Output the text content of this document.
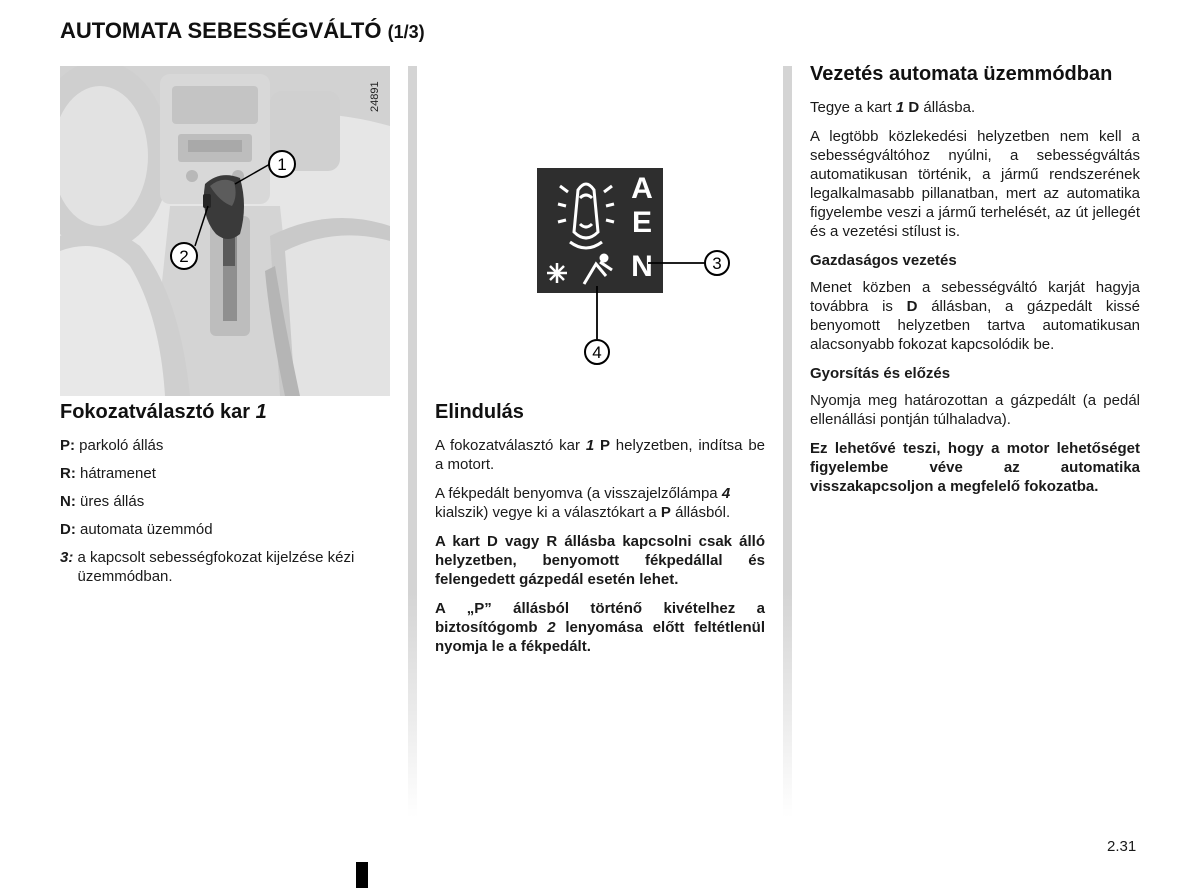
AUTOMATA SEBESSÉGVÁLTÓ (1/3)
1
2
24891
A
E
N	3
4
Fokozatválasztó kar 1
P:
parkoló állás
R:
hátramenet
N:
üres állás
D:
automata üzemmód
3:
a kapcsolt sebességfokozat kijelzése kézi üzemmódban.
Elindulás

A fokozatválasztó kar 1 P helyzetben, indítsa be a motort.

A fékpedált benyomva (a visszajelzőlámpa 4 kialszik) vegye ki a választókart a P állásból.

A kart D vagy R állásba kapcsolni csak álló helyzetben, benyomott fékpedállal és felengedett gázpedál esetén lehet.

A „P” állásból történő kivételhez a biztosítógomb 2 lenyomása előtt feltétlenül nyomja le a fékpedált.

Vezetés automata üzemmódban

Tegye a kart 1 D állásba.

A legtöbb közlekedési helyzetben nem kell a sebességváltóhoz nyúlni, a sebességváltás automatikusan történik, a jármű rendszerének legalkalmasabb pillanatban, mert az automatika figyelembe veszi a jármű terhelését, az út jellegét és a vezetési stílust is.

Gazdaságos vezetés

Menet közben a sebességváltó karját hagyja továbbra is D állásban, a gázpedált kissé benyomott helyzetben tartva automatikusan alacsonyabb fokozat kapcsolódik be.

Gyorsítás és előzés

Nyomja meg határozottan a gázpedált (a pedál ellenállási pontján túlhaladva).

Ez lehetővé teszi, hogy a motor lehetőséget figyelembe véve az automatika visszakapcsoljon a megfelelő fokozatba.

2.31
